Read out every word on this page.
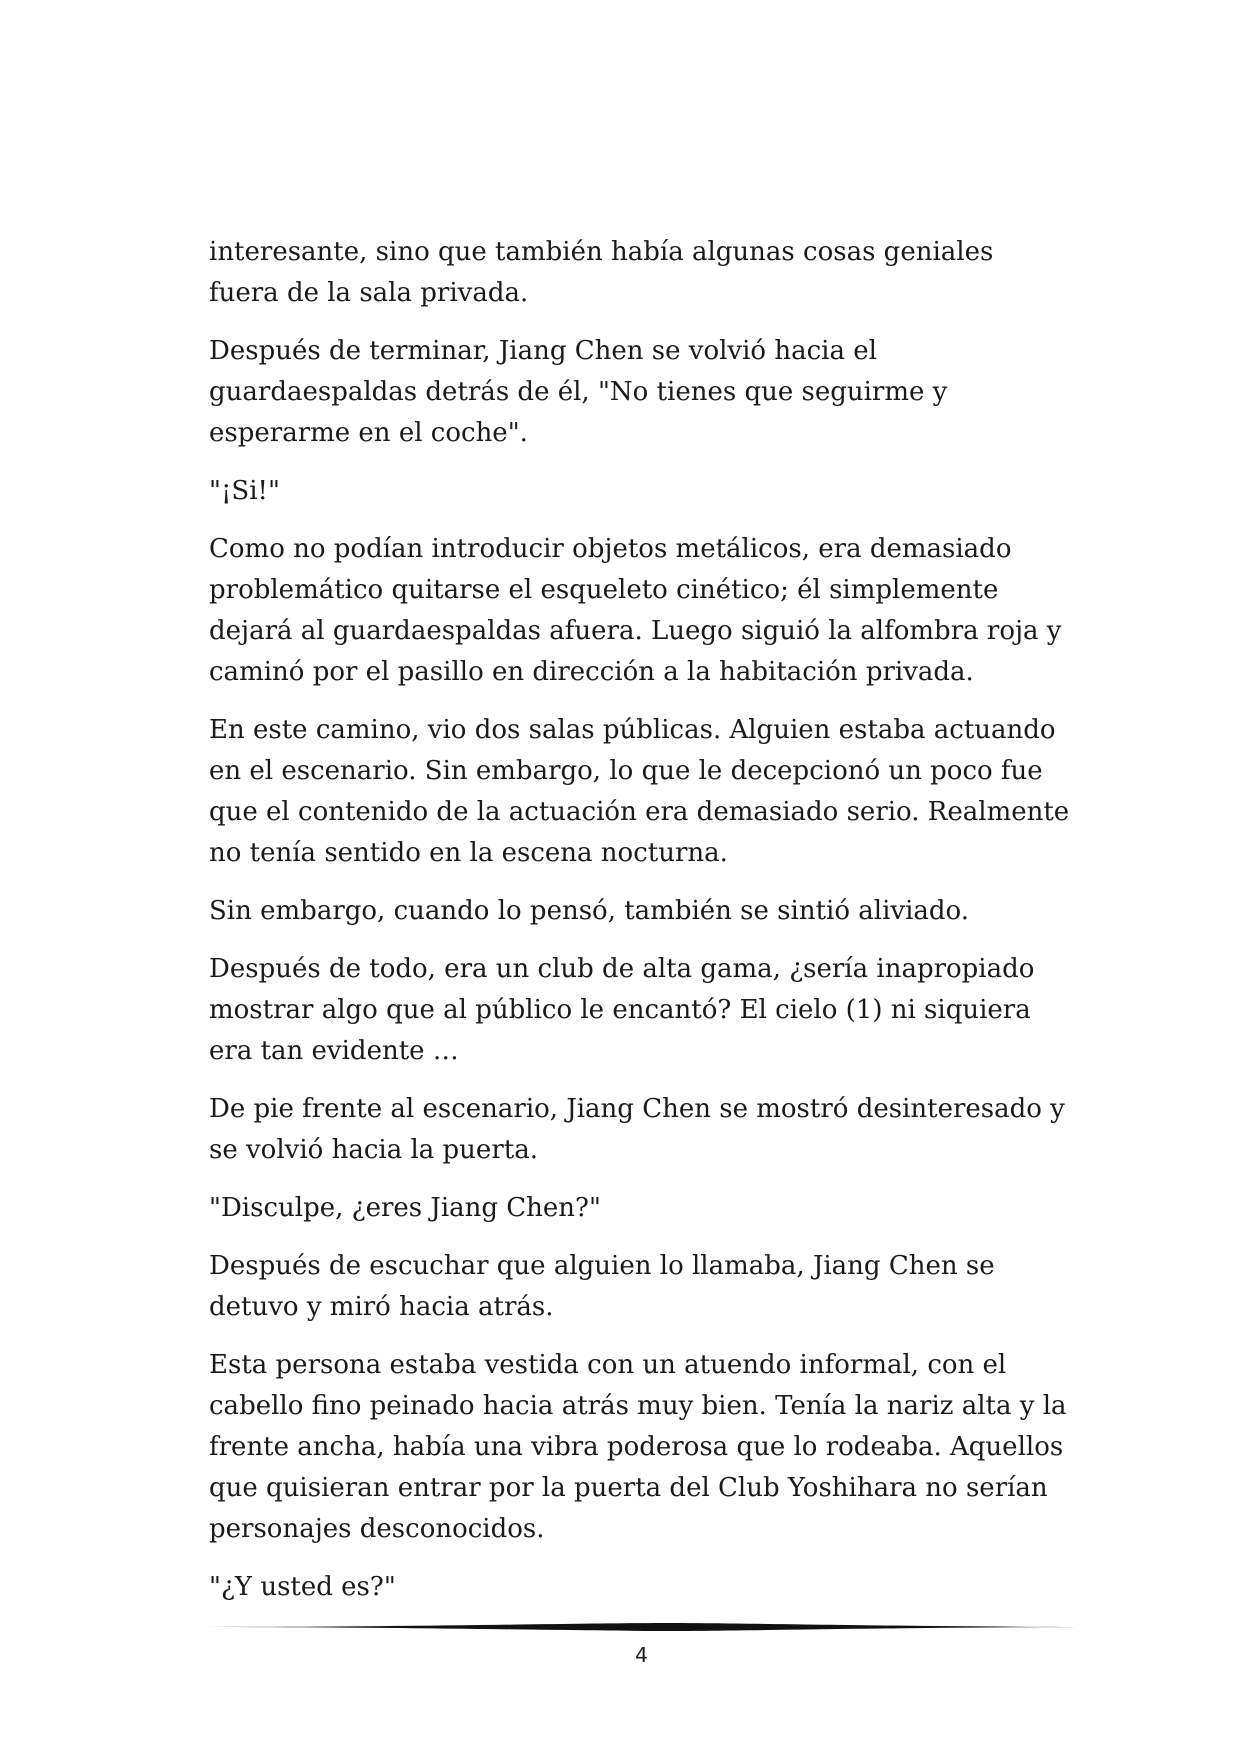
interesante, sino que también había algunas cosas geniales fuera de la sala privada.

Después de terminar, Jiang Chen se volvió hacia el guardaespaldas detrás de él, "No tienes que seguirme y esperarme en el coche".

"¡Si!"

Como no podían introducir objetos metálicos, era demasiado problemático quitarse el esqueleto cinético; él simplemente dejará al guardaespaldas afuera. Luego siguió la alfombra roja y caminó por el pasillo en dirección a la habitación privada.

En este camino, vio dos salas públicas. Alguien estaba actuando en el escenario. Sin embargo, lo que le decepcionó un poco fue que el contenido de la actuación era demasiado serio. Realmente no tenía sentido en la escena nocturna.

Sin embargo, cuando lo pensó, también se sintió aliviado.

Después de todo, era un club de alta gama, ¿sería inapropiado mostrar algo que al público le encantó? El cielo (1) ni siquiera era tan evidente …

De pie frente al escenario, Jiang Chen se mostró desinteresado y se volvió hacia la puerta.

"Disculpe, ¿eres Jiang Chen?"

Después de escuchar que alguien lo llamaba, Jiang Chen se detuvo y miró hacia atrás.

Esta persona estaba vestida con un atuendo informal, con el cabello fino peinado hacia atrás muy bien. Tenía la nariz alta y la frente ancha, había una vibra poderosa que lo rodeaba. Aquellos que quisieran entrar por la puerta del Club Yoshihara no serían personajes desconocidos.

"¿Y usted es?"

4
